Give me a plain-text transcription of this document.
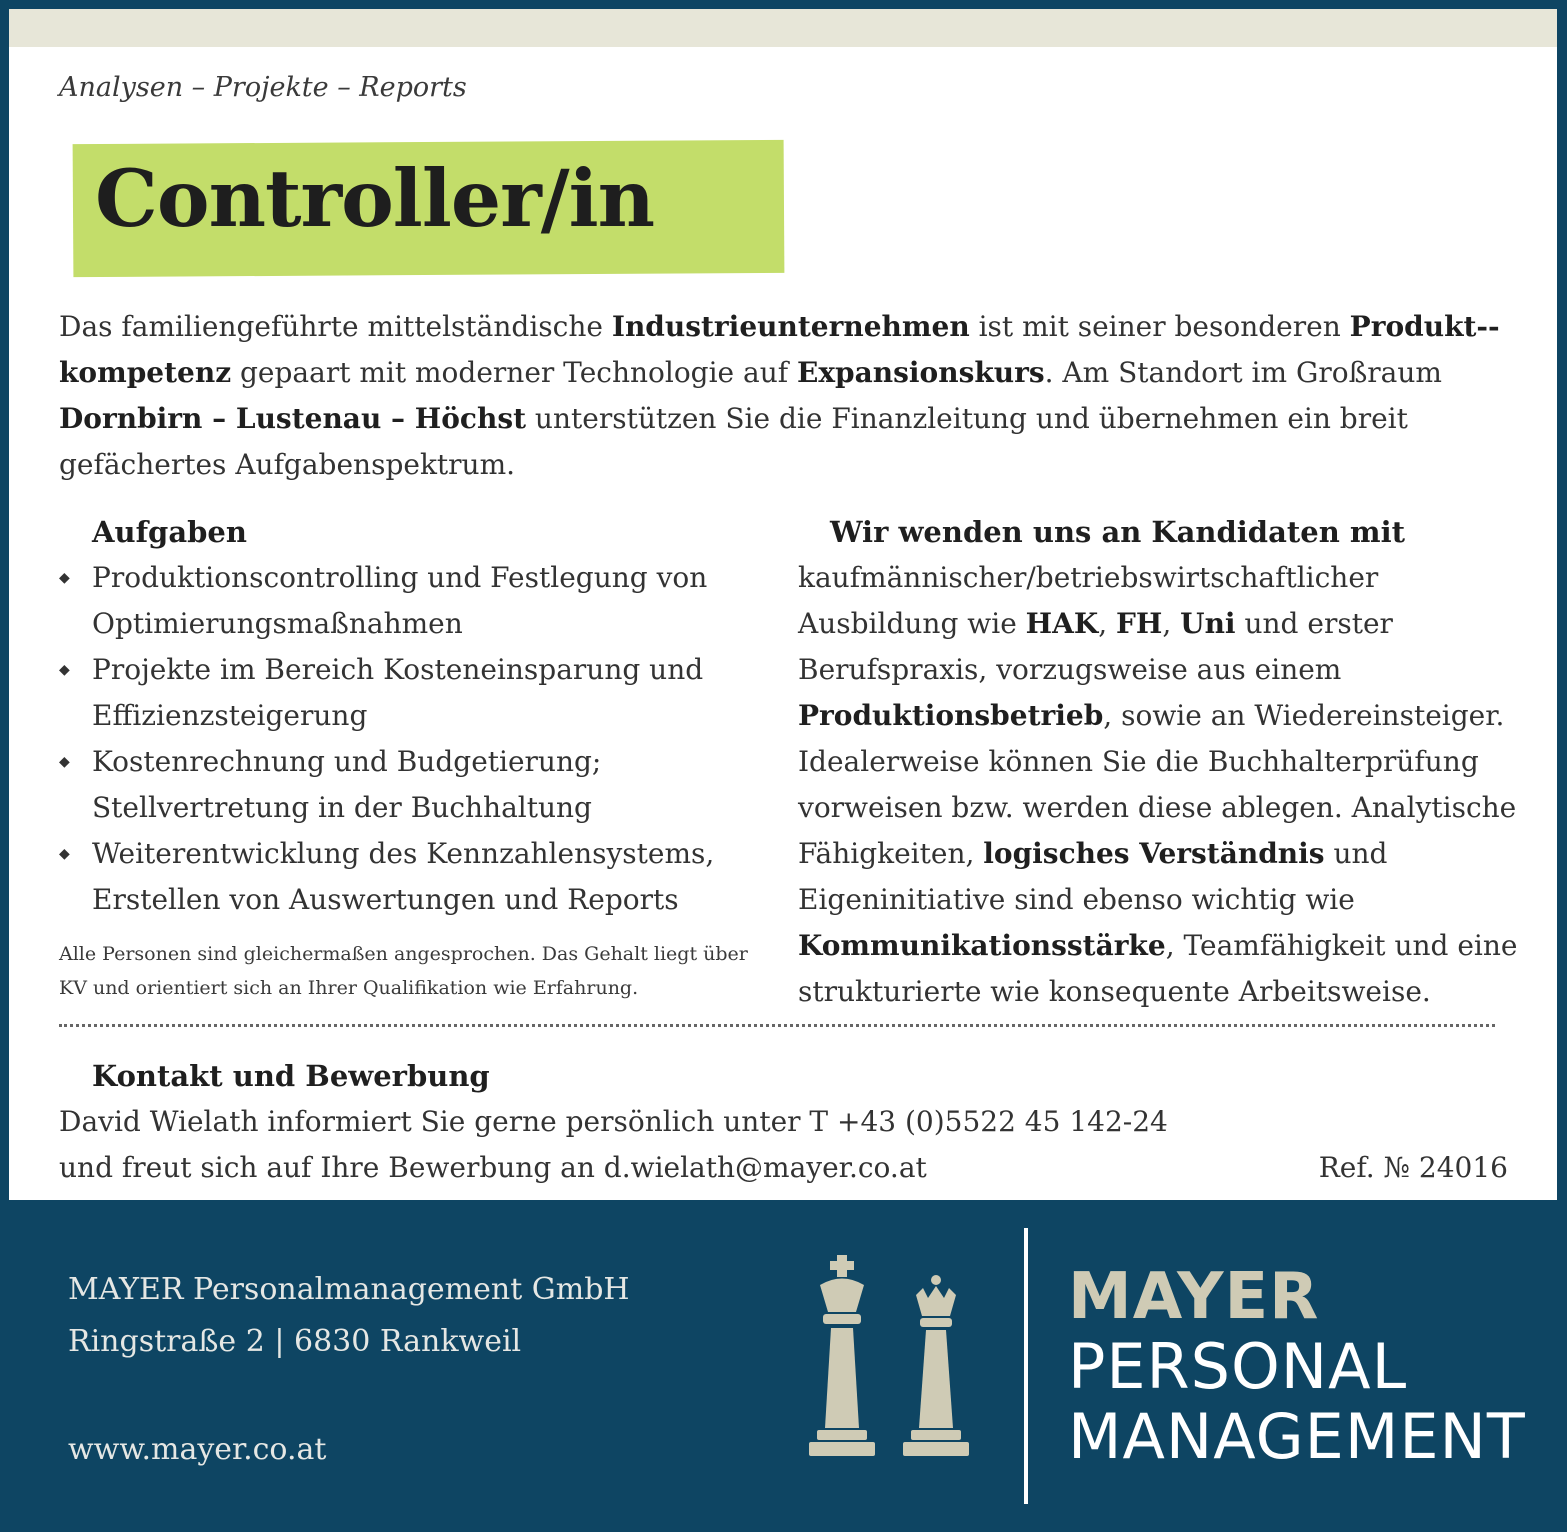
Analysen – Projekte – Reports
Controller/in
Das familiengeführte mittelständische Industrieunternehmen ist mit seiner besonderen Produkt-kompetenz gepaart mit moderner Technologie auf Expansionskurs. Am Standort im Großraum Dornbirn – Lustenau – Höchst unterstützen Sie die Finanzleitung und übernehmen ein breit gefächertes Aufgabenspektrum.
Aufgaben
◆ Produktionscontrolling und Festlegung von Optimierungsmaßnahmen
◆ Projekte im Bereich Kosteneinsparung und Effizienzsteigerung
◆ Kostenrechnung und Budgetierung; Stellvertretung in der Buchhaltung
◆ Weiterentwicklung des Kennzahlensystems, Erstellen von Auswertungen und Reports
Alle Personen sind gleichermaßen angesprochen. Das Gehalt liegt über KV und orientiert sich an Ihrer Qualifikation wie Erfahrung.
Wir wenden uns an Kandidaten mit
kaufmännischer/betriebswirtschaftlicher Ausbildung wie HAK, FH, Uni und erster Berufspraxis, vorzugsweise aus einem Produktionsbetrieb, sowie an Wiedereinsteiger. Idealerweise können Sie die Buchhalterprüfung vorweisen bzw. werden diese ablegen. Analytische Fähigkeiten, logisches Verständnis und Eigeninitiative sind ebenso wichtig wie Kommunikationsstärke, Teamfähigkeit und eine strukturierte wie konsequente Arbeitsweise.
Kontakt und Bewerbung
David Wielath informiert Sie gerne persönlich unter T +43 (0)5522 45 142-24
und freut sich auf Ihre Bewerbung an d.wielath@mayer.co.at	Ref. № 24016
MAYER Personalmanagement GmbH
Ringstraße 2 | 6830 Rankweil
www.mayer.co.at
MAYER
PERSONAL
MANAGEMENT
